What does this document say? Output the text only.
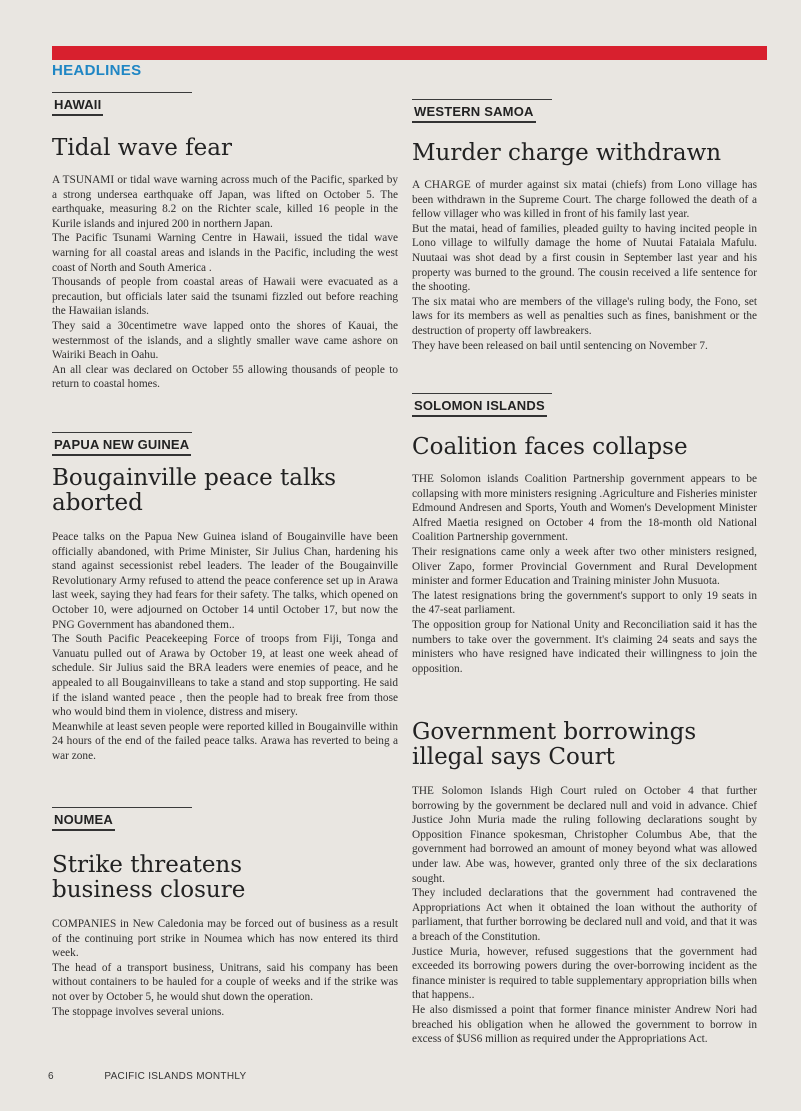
HEADLINES
HAWAII
Tidal wave fear

A TSUNAMI or tidal wave warning across much of the Pacific, sparked by a strong undersea earthquake off Japan, was lifted on October 5. The earthquake, measuring 8.2 on the Richter scale, killed 16 people in the Kurile islands and injured 200 in northern Japan.

The Pacific Tsunami Warning Centre in Hawaii, issued the tidal wave warning for all coastal areas and islands in the Pacific, including the west coast of North and South America .

Thousands of people from coastal areas of Hawaii were evacuated as a precaution, but officials later said the tsunami fizzled out before reaching the Hawaiian islands.

They said a 30centimetre wave lapped onto the shores of Kauai, the westernmost of the islands, and a slightly smaller wave came ashore on Wairiki Beach in Oahu.

An all clear was declared on October 55 allowing thousands of people to return to coastal homes.

PAPUA NEW GUINEA
Bougainville peace talks aborted

Peace talks on the Papua New Guinea island of Bougainville have been officially abandoned, with Prime Minister, Sir Julius Chan, hardening his stand against secessionist rebel leaders. The leader of the Bougainville Revolutionary Army refused to attend the peace conference set up in Arawa last week, saying they had fears for their safety. The talks, which opened on October 10, were adjourned on October 14 until October 17, but now the PNG Government has abandoned them..

The South Pacific Peacekeeping Force of troops from Fiji, Tonga and Vanuatu pulled out of Arawa by October 19, at least one week ahead of schedule. Sir Julius said the BRA leaders were enemies of peace, and he appealed to all Bougainvilleans to take a stand and stop supporting. He said if the island wanted peace , then the people had to break free from those who would bind them in violence, distress and misery.

Meanwhile at least seven people were reported killed in Bougainville within 24 hours of the end of the failed peace talks. Arawa has reverted to being a war zone.

NOUMEA
Strike threatens business closure

COMPANIES in New Caledonia may be forced out of business as a result of the continuing port strike in Noumea which has now entered its third week.

The head of a transport business, Unitrans, said his company has been without containers to be hauled for a couple of weeks and if the strike was not over by October 5, he would shut down the operation.

The stoppage involves several unions.

WESTERN SAMOA
Murder charge withdrawn

A CHARGE of murder against six matai (chiefs) from Lono village has been withdrawn in the Supreme Court. The charge followed the death of a fellow villager who was killed in front of his family last year.

But the matai, head of families, pleaded guilty to having incited people in Lono village to wilfully damage the home of Nuutai Fataiala Mafulu. Nuutaai was shot dead by a first cousin in September last year and his property was burned to the ground. The cousin received a life sentence for the shooting.

The six matai who are members of the village's ruling body, the Fono, set laws for its members as well as penalties such as fines, banishment or the destruction of property off lawbreakers.

They have been released on bail until sentencing on November 7.

SOLOMON ISLANDS
Coalition faces collapse

THE Solomon islands Coalition Partnership government appears to be collapsing with more ministers resigning .Agriculture and Fisheries minister Edmound Andresen and Sports, Youth and Women's Development Minister Alfred Maetia resigned on October 4 from the 18-month old National Coalition Partnership government.

Their resignations came only a week after two other ministers resigned, Oliver Zapo, former Provincial Government and Rural Development minister and former Education and Training minister John Musuota.

The latest resignations bring the government's support to only 19 seats in the 47-seat parliament.

The opposition group for National Unity and Reconciliation said it has the numbers to take over the government. It's claiming 24 seats and says the ministers who have resigned have indicated their willingness to join the opposition.

Government borrowings illegal says Court

THE Solomon Islands High Court ruled on October 4 that further borrowing by the government be declared null and void in advance. Chief Justice John Muria made the ruling following declarations sought by Opposition Finance spokesman, Christopher Columbus Abe, that the government had borrowed an amount of money beyond what was allowed under law. Abe was, however, granted only three of the six declarations sought.

They included declarations that the government had contravened the Appropriations Act when it obtained the loan without the authority of parliament, that further borrowing be declared null and void, and that it was a breach of the Constitution.

Justice Muria, however, refused suggestions that the government had exceeded its borrowing powers during the over-borrowing incident as the finance minister is required to table supplementary appropriation bills when that happens..

He also dismissed a point that former finance minister Andrew Nori had breached his obligation when he allowed the government to borrow in excess of $US6 million as required under the Appropriations Act.

6	PACIFIC ISLANDS MONTHLY
